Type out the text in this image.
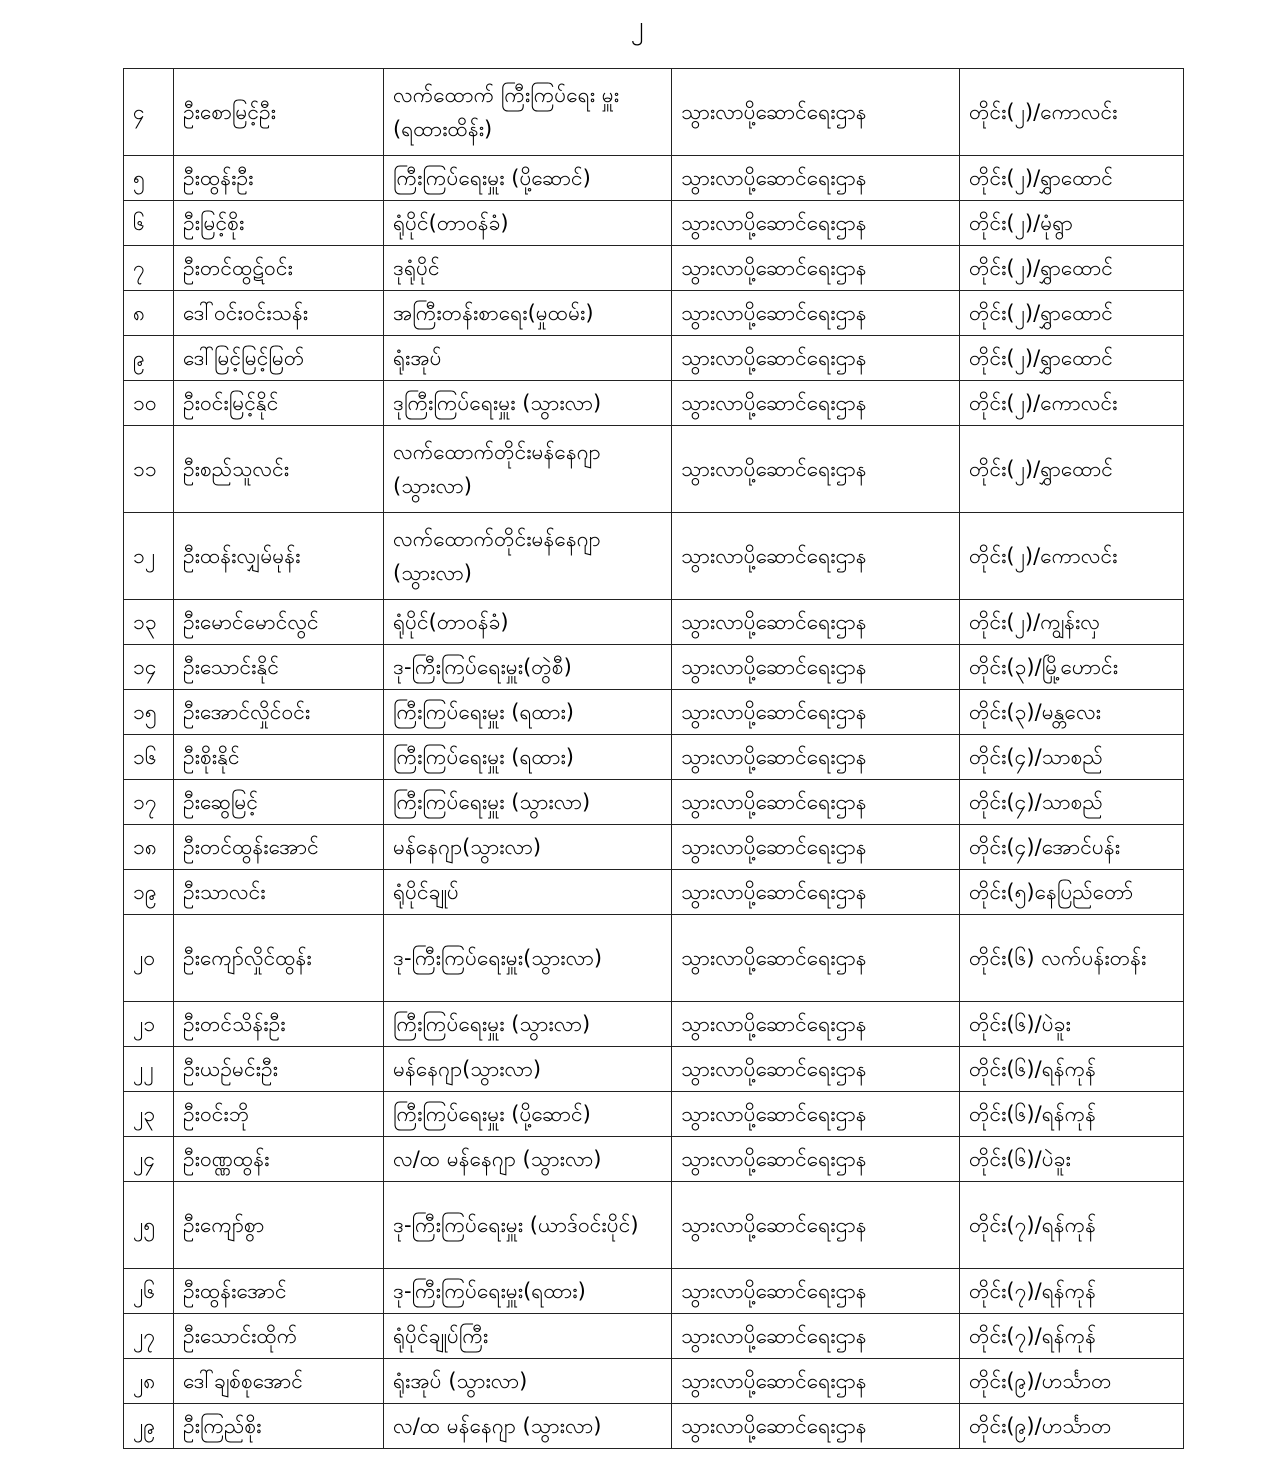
၂
၄	ဦးစောမြင့်ဦး	လက်ထောက် ကြီးကြပ်ရေး မှူး (ရထားထိန်း)	သွားလာပို့ဆောင်ရေးဌာန	တိုင်း(၂)/ကောလင်း
၅	ဦးထွန်းဦး	ကြီးကြပ်ရေးမှူး (ပို့ဆောင်)	သွားလာပို့ဆောင်ရေးဌာန	တိုင်း(၂)/ရွှာထောင်
၆	ဦးမြင့်စိုး	ရုံပိုင်(တာဝန်ခံ)	သွားလာပို့ဆောင်ရေးဌာန	တိုင်း(၂)/မုံရွာ
၇	ဦးတင်ထွဋ်ဝင်း	ဒုရုံပိုင်	သွားလာပို့ဆောင်ရေးဌာန	တိုင်း(၂)/ရွှာထောင်
၈	ဒေါ်ဝင်းဝင်းသန်း	အကြီးတန်းစာရေး(မှုထမ်း)	သွားလာပို့ဆောင်ရေးဌာန	တိုင်း(၂)/ရွှာထောင်
၉	ဒေါ်မြင့်မြင့်မြတ်	ရုံးအုပ်	သွားလာပို့ဆောင်ရေးဌာန	တိုင်း(၂)/ရွှာထောင်
၁၀	ဦးဝင်းမြင့်နိုင်	ဒုကြီးကြပ်ရေးမှူး (သွားလာ)	သွားလာပို့ဆောင်ရေးဌာန	တိုင်း(၂)/ကောလင်း
၁၁	ဦးစည်သူလင်း	လက်ထောက်တိုင်းမန်နေဂျာ (သွားလာ)	သွားလာပို့ဆောင်ရေးဌာန	တိုင်း(၂)/ရွှာထောင်
၁၂	ဦးထန်းလျှမ်မုန်း	လက်ထောက်တိုင်းမန်နေဂျာ (သွားလာ)	သွားလာပို့ဆောင်ရေးဌာန	တိုင်း(၂)/ကောလင်း
၁၃	ဦးမောင်မောင်လွင်	ရုံပိုင်(တာဝန်ခံ)	သွားလာပို့ဆောင်ရေးဌာန	တိုင်း(၂)/ကျွန်းလှ
၁၄	ဦးသောင်းနိုင်	ဒု-ကြီးကြပ်ရေးမှူး(တွဲစီ)	သွားလာပို့ဆောင်ရေးဌာန	တိုင်း(၃)/မြို့ဟောင်း
၁၅	ဦးအောင်လှိုင်ဝင်း	ကြီးကြပ်ရေးမှူး (ရထား)	သွားလာပို့ဆောင်ရေးဌာန	တိုင်း(၃)/မန္တလေး
၁၆	ဦးစိုးနိုင်	ကြီးကြပ်ရေးမှူး (ရထား)	သွားလာပို့ဆောင်ရေးဌာန	တိုင်း(၄)/သာစည်
၁၇	ဦးဆွေမြင့်	ကြီးကြပ်ရေးမှူး (သွားလာ)	သွားလာပို့ဆောင်ရေးဌာန	တိုင်း(၄)/သာစည်
၁၈	ဦးတင်ထွန်းအောင်	မန်နေဂျာ(သွားလာ)	သွားလာပို့ဆောင်ရေးဌာန	တိုင်း(၄)/အောင်ပန်း
၁၉	ဦးသာလင်း	ရုံပိုင်ချုပ်	သွားလာပို့ဆောင်ရေးဌာန	တိုင်း(၅)နေပြည်တော်
၂၀	ဦးကျော်လှိုင်ထွန်း	ဒု-ကြီးကြပ်ရေးမှူး(သွားလာ)	သွားလာပို့ဆောင်ရေးဌာန	တိုင်း(၆) လက်ပန်းတန်း
၂၁	ဦးတင်သိန်းဦး	ကြီးကြပ်ရေးမှူး (သွားလာ)	သွားလာပို့ဆောင်ရေးဌာန	တိုင်း(၆)/ပဲခူး
၂၂	ဦးယဉ်မင်းဦး	မန်နေဂျာ(သွားလာ)	သွားလာပို့ဆောင်ရေးဌာန	တိုင်း(၆)/ရန်ကုန်
၂၃	ဦးဝင်းဘို	ကြီးကြပ်ရေးမှူး (ပို့ဆောင်)	သွားလာပို့ဆောင်ရေးဌာန	တိုင်း(၆)/ရန်ကုန်
၂၄	ဦးဝဏ္ဏထွန်း	လ/ထ မန်နေဂျာ (သွားလာ)	သွားလာပို့ဆောင်ရေးဌာန	တိုင်း(၆)/ပဲခူး
၂၅	ဦးကျော်စွာ	ဒု-ကြီးကြပ်ရေးမှူး (ယာဒ်ဝင်းပိုင်)	သွားလာပို့ဆောင်ရေးဌာန	တိုင်း(၇)/ရန်ကုန်
၂၆	ဦးထွန်းအောင်	ဒု-ကြီးကြပ်ရေးမှူး(ရထား)	သွားလာပို့ဆောင်ရေးဌာန	တိုင်း(၇)/ရန်ကုန်
၂၇	ဦးသောင်းထိုက်	ရုံပိုင်ချုပ်ကြီး	သွားလာပို့ဆောင်ရေးဌာန	တိုင်း(၇)/ရန်ကုန်
၂၈	ဒေါ်ချစ်စုအောင်	ရုံးအုပ် (သွားလာ)	သွားလာပို့ဆောင်ရေးဌာန	တိုင်း(၉)/ဟင်္သာတ
၂၉	ဦးကြည်စိုး	လ/ထ မန်နေဂျာ (သွားလာ)	သွားလာပို့ဆောင်ရေးဌာန	တိုင်း(၉)/ဟင်္သာတ
